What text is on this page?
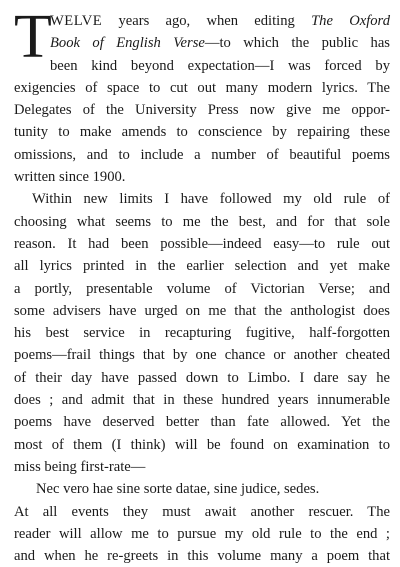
T
WELVE years ago, when editing The Oxford
Book of English Verse—to which the public has
been kind beyond expectation—I was forced by
exigencies of space to cut out many modern lyrics. The
Delegates of the University Press now give me oppor-
tunity to make amends to conscience by repairing these
omissions, and to include a number of beautiful poems
written since 1900.
Within new limits I have followed my old rule of
choosing what seems to me the best, and for that sole
reason. It had been possible—indeed easy—to rule out
all lyrics printed in the earlier selection and yet make
a portly, presentable volume of Victorian Verse; and
some advisers have urged on me that the anthologist does
his best service in recapturing fugitive, half-forgotten
poems—frail things that by one chance or another cheated
of their day have passed down to Limbo. I dare say he
does ; and admit that in these hundred years innumerable
poems have deserved better than fate allowed. Yet the
most of them (I think) will be found on examination to
miss being first-rate—
Nec vero hae sine sorte datae, sine judice, sedes.
At all events they must await another rescuer. The
reader will allow me to pursue my old rule to the end ;
and when he re-greets in this volume many a poem that
